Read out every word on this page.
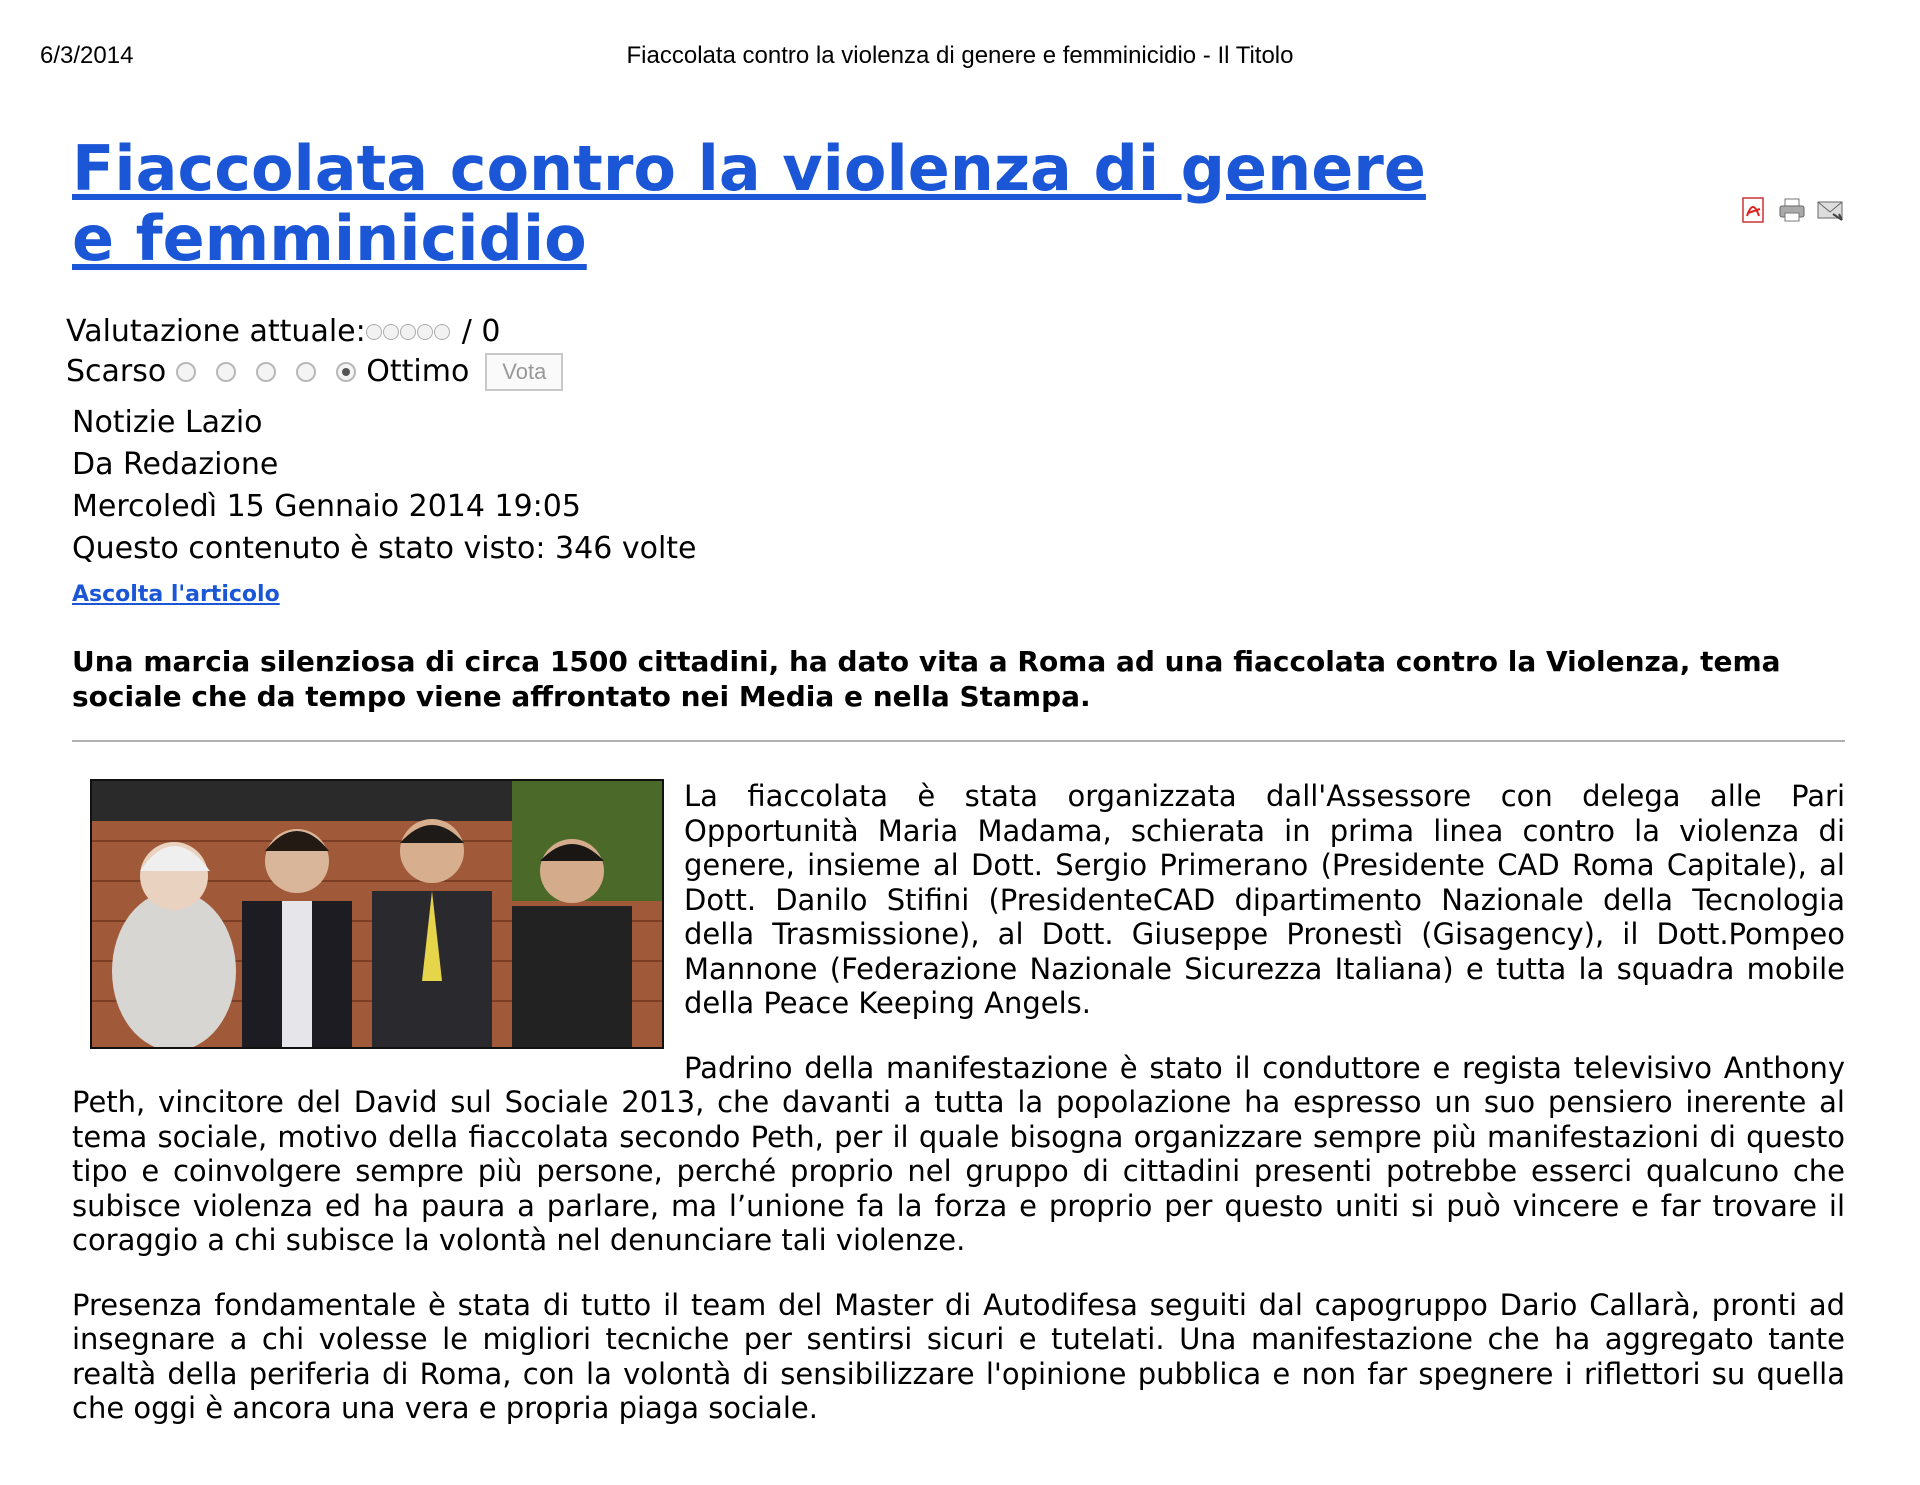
6/3/2014	Fiaccolata contro la violenza di genere e femminicidio - Il Titolo
Fiaccolata contro la violenza di genere e femminicidio
Valutazione attuale:	/ 0
Scarso	Ottimo	Vota
Notizie Lazio
Da Redazione
Mercoledì 15 Gennaio 2014 19:05
Questo contenuto è stato visto: 346 volte
Ascolta l'articolo

Una marcia silenziosa di circa 1500 cittadini, ha dato vita a Roma ad una fiaccolata contro la Violenza, tema sociale che da tempo viene affrontato nei Media e nella Stampa.

La fiaccolata è stata organizzata dall'Assessore con delega alle Pari Opportunità Maria Madama, schierata in prima linea contro la violenza di genere, insieme al Dott. Sergio Primerano (Presidente CAD Roma Capitale), al Dott. Danilo Stifini (PresidenteCAD dipartimento Nazionale della Tecnologia della Trasmissione), al Dott. Giuseppe Pronestì (Gisagency), il Dott.Pompeo Mannone (Federazione Nazionale Sicurezza Italiana) e tutta la squadra mobile della Peace Keeping Angels.

Padrino della manifestazione è stato il conduttore e regista televisivo Anthony Peth, vincitore del David sul Sociale 2013, che davanti a tutta la popolazione ha espresso un suo pensiero inerente al tema sociale, motivo della fiaccolata secondo Peth, per il quale bisogna organizzare sempre più manifestazioni di questo tipo e coinvolgere sempre più persone, perché proprio nel gruppo di cittadini presenti potrebbe esserci qualcuno che subisce violenza ed ha paura a parlare, ma l’unione fa la forza e proprio per questo uniti si può vincere e far trovare il coraggio a chi subisce la volontà nel denunciare tali violenze.

Presenza fondamentale è stata di tutto il team del Master di Autodifesa seguiti dal capogruppo Dario Callarà, pronti ad insegnare a chi volesse le migliori tecniche per sentirsi sicuri e tutelati. Una manifestazione che ha aggregato tante realtà della periferia di Roma, con la volontà di sensibilizzare l'opinione pubblica e non far spegnere i riflettori su quella che oggi è ancora una vera e propria piaga sociale.
